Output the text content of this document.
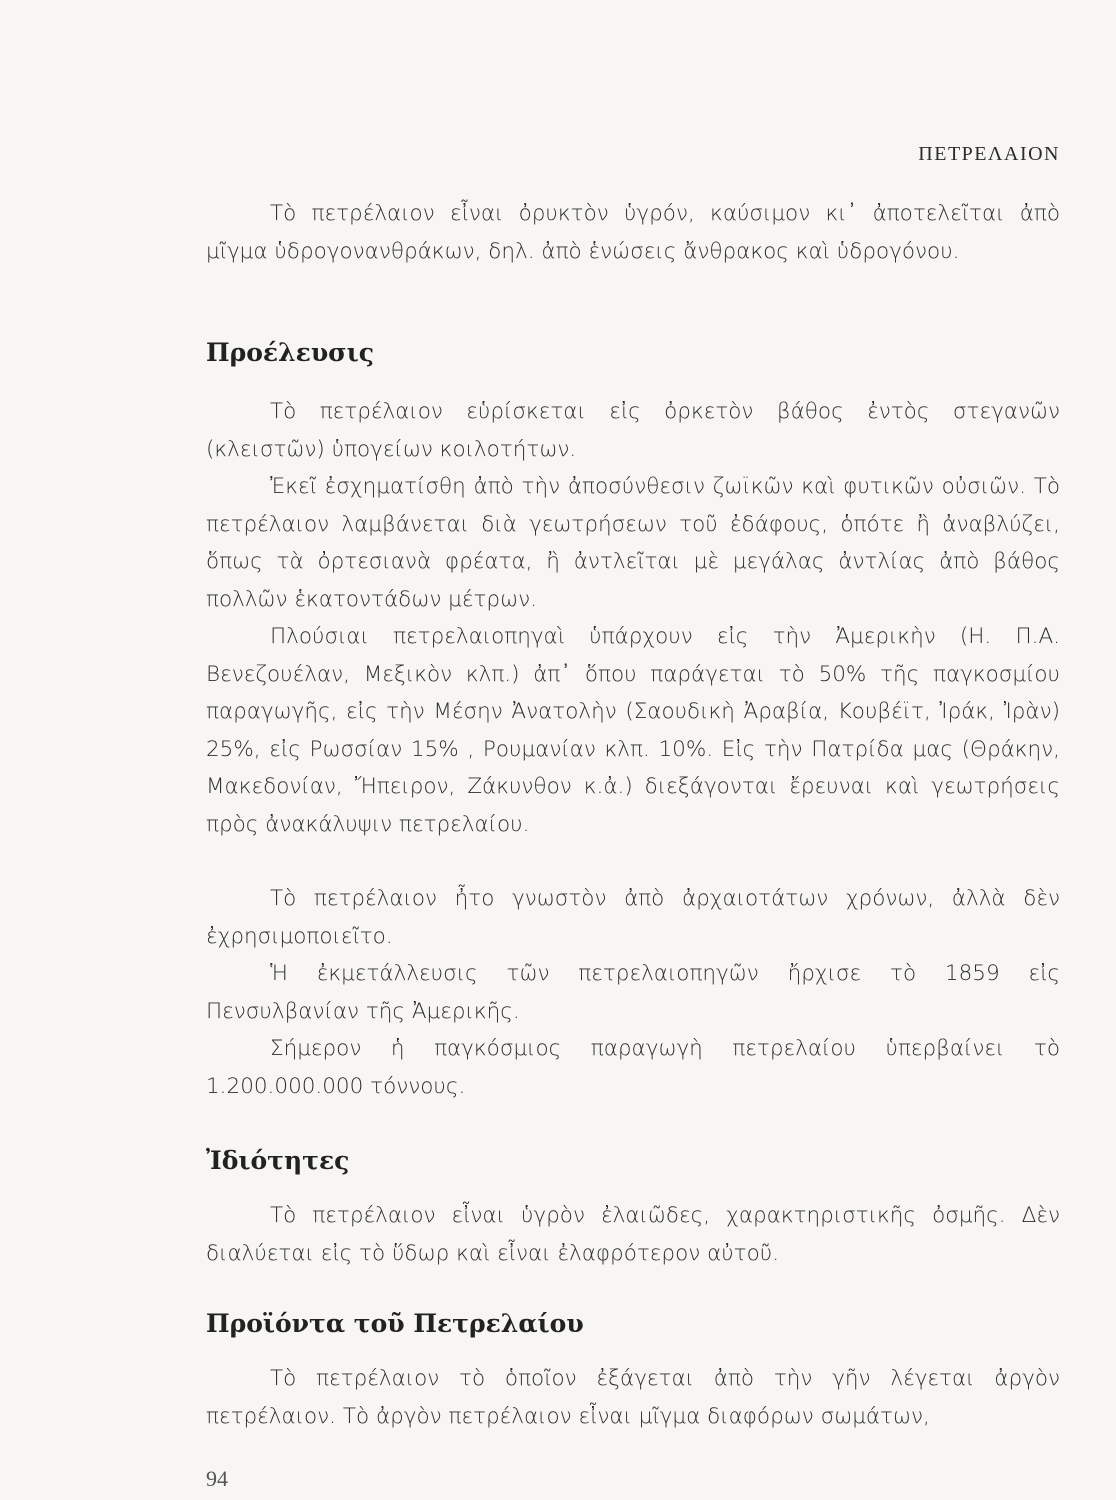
ΠΕΤΡΕΛΑΙΟΝ

Τὸ πετρέλαιον εἶναι ὀρυκτὸν ὑγρόν, καύσιμον κι᾽ ἀποτελεῖται ἀπὸ μῖγμα ὑδρογονανθράκων, δηλ. ἀπὸ ἑνώσεις ἄνθρακος καὶ ὑδρογόνου.

Προέλευσις

Τὸ πετρέλαιον εὑρίσκεται εἰς ὀρκετὸν βάθος ἐντὸς στεγανῶν (κλειστῶν) ὑπογείων κοιλοτήτων.

Ἐκεῖ ἐσχηματίσθη ἀπὸ τὴν ἀποσύνθεσιν ζωϊκῶν καὶ φυτικῶν οὐσιῶν. Τὸ πετρέλαιον λαμβάνεται διὰ γεωτρήσεων τοῦ ἐδάφους, ὁπότε ἢ ἀναβλύζει, ὅπως τὰ ὀρτεσιανὰ φρέατα, ἢ ἀντλεῖται μὲ μεγάλας ἀντλίας ἀπὸ βάθος πολλῶν ἑκατοντάδων μέτρων.

Πλούσιαι πετρελαιοπηγαὶ ὑπάρχουν εἰς τὴν Ἀμερικὴν (Η. Π.Α. Βενεζουέλαν, Μεξικὸν κλπ.) ἀπ᾽ ὅπου παράγεται τὸ 50% τῆς παγκοσμίου παραγωγῆς, εἰς τὴν Μέσην Ἀνατολὴν (Σαουδικὴ Ἀραβία, Κουβέϊτ, Ἰράκ, Ἰρὰν) 25%, εἰς Ρωσσίαν 15% , Ρουμανίαν κλπ. 10%. Εἰς τὴν Πατρίδα μας (Θράκην, Μακεδονίαν, Ἤπειρον, Ζάκυνθον κ.ἀ.) διεξάγονται ἔρευναι καὶ γεωτρήσεις πρὸς ἀνακάλυψιν πετρελαίου.

Τὸ πετρέλαιον ἦτο γνωστὸν ἀπὸ ἀρχαιοτάτων χρόνων, ἀλλὰ δὲν ἐχρησιμοποιεῖτο.

Ἡ ἐκμετάλλευσις τῶν πετρελαιοπηγῶν ἤρχισε τὸ 1859 εἰς Πενσυλβανίαν τῆς Ἀμερικῆς.

Σήμερον ἡ παγκόσμιος παραγωγὴ πετρελαίου ὑπερβαίνει τὸ 1.200.000.000 τόννους.

Ἰδιότητες

Τὸ πετρέλαιον εἶναι ὑγρὸν ἐλαιῶδες, χαρακτηριστικῆς ὀσμῆς. Δὲν διαλύεται εἰς τὸ ὕδωρ καὶ εἶναι ἐλαφρότερον αὐτοῦ.

Προϊόντα τοῦ Πετρελαίου

Τὸ πετρέλαιον τὸ ὁποῖον ἐξάγεται ἀπὸ τὴν γῆν λέγεται ἀργὸν πετρέλαιον. Τὸ ἀργὸν πετρέλαιον εἶναι μῖγμα διαφόρων σωμάτων,

94
